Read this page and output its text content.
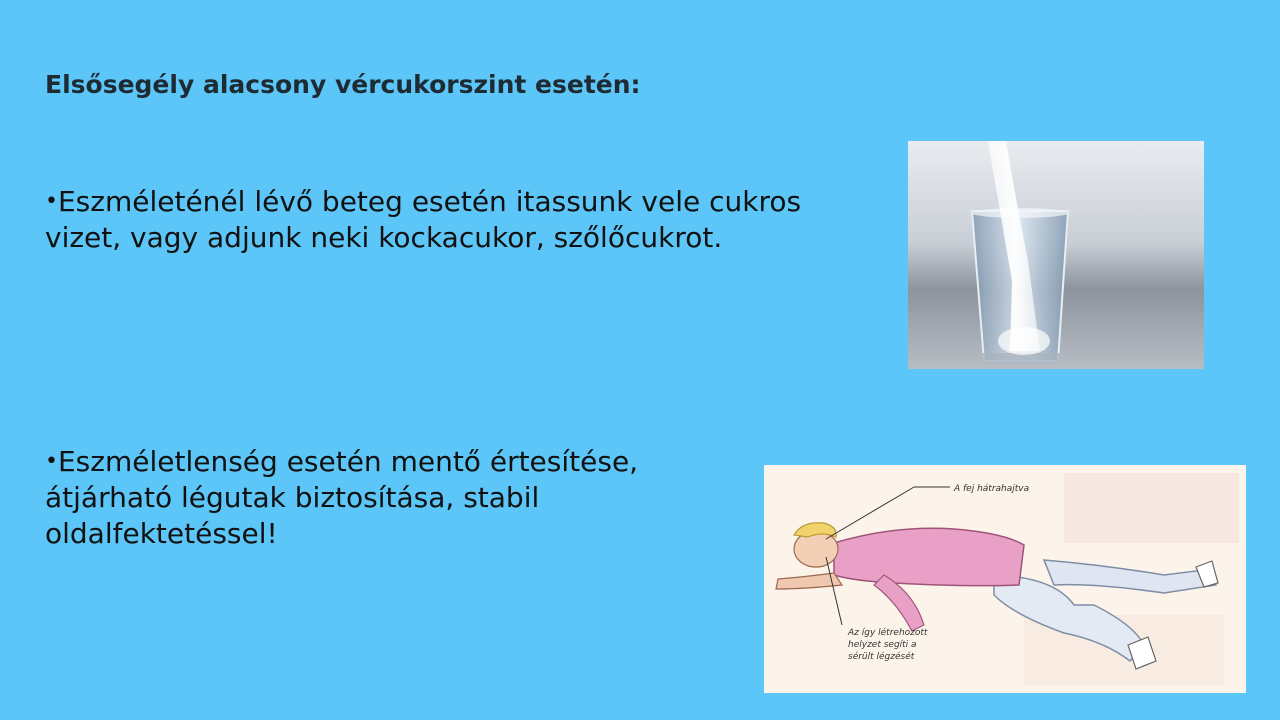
Elsősegély alacsony vércukorszint esetén:
•Eszméleténél lévő beteg esetén itassunk vele cukros vizet, vagy adjunk neki kockacukor, szőlőcukrot.
•Eszméletlenség esetén mentő értesítése, átjárható légutak biztosítása, stabil oldalfektetéssel!
A fej hátrahajtva
Az így létrehozott
helyzet segíti a
sérült légzését
